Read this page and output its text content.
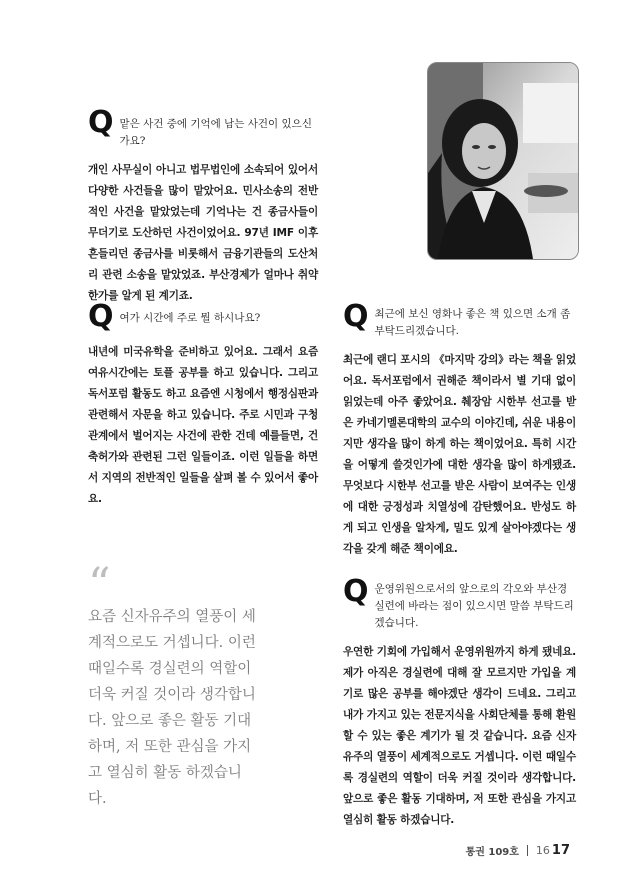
Q 맡은 사건 중에 기억에 남는 사건이 있으신가요?
개인 사무실이 아니고 법무법인에 소속되어 있어서 다양한 사건들을 많이 맡았어요. 민사소송의 전반적인 사건을 맡았었는데 기억나는 건 종금사들이 무더기로 도산하던 사건이었어요. 97년 IMF 이후 흔들리던 종금사를 비롯해서 금융기관들의 도산처리 관련 소송을 맡았었죠. 부산경제가 얼마나 취약한가를 알게 된 계기죠.
Q 여가 시간에 주로 뭘 하시나요?
내년에 미국유학을 준비하고 있어요. 그래서 요즘 여유시간에는 토플 공부를 하고 있습니다. 그리고 독서포럼 활동도 하고 요즘엔 시청에서 행정심판과 관련해서 자문을 하고 있습니다. 주로 시민과 구청 관계에서 벌어지는 사건에 관한 건데 예를들면, 건축허가와 관련된 그런 일들이죠. 이런 일들을 하면서 지역의 전반적인 일들을 살펴 볼 수 있어서 좋아요.
Q 최근에 보신 영화나 좋은 책 있으면 소개 좀 부탁드리겠습니다.
최근에 랜디 포시의 《마지막 강의》라는 책을 읽었어요. 독서포럼에서 권해준 책이라서 별 기대 없이 읽었는데 아주 좋았어요. 췌장암 시한부 선고를 받은 카네기멜론대학의 교수의 이야긴데, 쉬운 내용이지만 생각을 많이 하게 하는 책이었어요. 특히 시간을 어떻게 쓸것인가에 대한 생각을 많이 하게됐죠. 무엇보다 시한부 선고를 받은 사람이 보여주는 인생에 대한 긍정성과 치열성에 감탄했어요. 반성도 하게 되고 인생을 알차게, 밀도 있게 살아야겠다는 생각을 갖게 해준 책이에요.
Q 운영위원으로서의 앞으로의 각오와 부산경실련에 바라는 점이 있으시면 말씀 부탁드리겠습니다.
우연한 기회에 가입해서 운영위원까지 하게 됐네요. 제가 아직은 경실련에 대해 잘 모르지만 가입을 계기로 많은 공부를 해야겠단 생각이 드네요. 그리고 내가 가지고 있는 전문지식을 사회단체를 통해 환원할 수 있는 좋은 계기가 될 것 같습니다. 요즘 신자유주의 열풍이 세계적으로도 거셉니다. 이런 때일수록 경실련의 역할이 더욱 커질 것이라 생각합니다. 앞으로 좋은 활동 기대하며, 저 또한 관심을 가지고 열심히 활동 하겠습니다.
“
요즘 신자유주의 열풍이 세계적으로도 거셉니다. 이런 때일수록 경실련의 역할이 더욱 커질 것이라 생각합니다. 앞으로 좋은 활동 기대하며, 저 또한 관심을 가지고 열심히 활동 하겠습니다.
통권 109호 16 17
